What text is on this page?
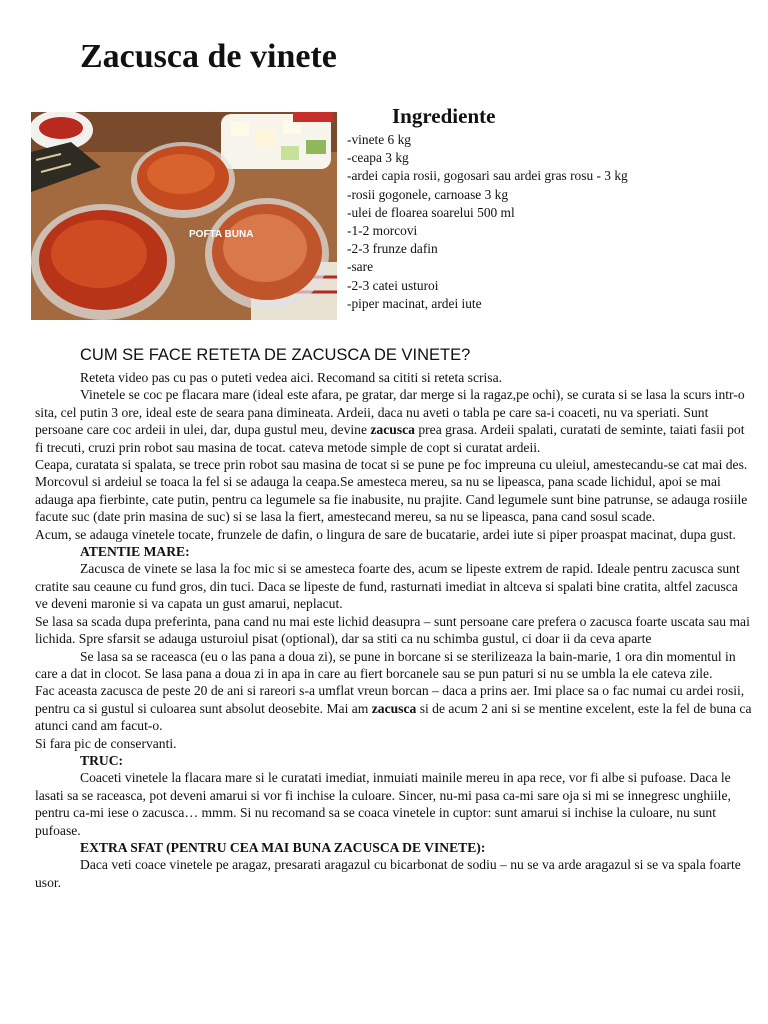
Zacusca de vinete
POFTA BUNA
Ingrediente
-vinete 6 kg
-ceapa 3 kg
-ardei capia rosii, gogosari sau ardei gras rosu - 3 kg
-rosii gogonele, carnoase 3 kg
-ulei de floarea soarelui 500 ml
-1-2 morcovi
-2-3 frunze dafin
-sare
-2-3 catei usturoi
-piper macinat, ardei iute
CUM SE FACE RETETA DE ZACUSCA DE VINETE?

Reteta video pas cu pas o puteti vedea aici. Recomand sa cititi si reteta scrisa.

Vinetele se coc pe flacara mare (ideal este afara, pe gratar, dar merge si la ragaz,pe ochi), se curata si se lasa la scurs intr-o sita, cel putin 3 ore, ideal este de seara pana dimineata. Ardeii, daca nu aveti o tabla pe care sa-i coaceti, nu va speriati. Sunt persoane care coc ardeii in ulei, dar, dupa gustul meu, devine zacusca prea grasa. Ardeii spalati, curatati de seminte, taiati fasii pot fi trecuti, cruzi prin robot sau masina de tocat. cateva metode simple de copt si curatat ardeii.

Ceapa, curatata si spalata, se trece prin robot sau masina de tocat si se pune pe foc impreuna cu uleiul, amestecandu-se cat mai des. Morcovul si ardeiul se toaca la fel si se adauga la ceapa.Se amesteca mereu, sa nu se lipeasca, pana scade lichidul, apoi se mai adauga apa fierbinte, cate putin, pentru ca legumele sa fie inabusite, nu prajite. Cand legumele sunt bine patrunse, se adauga rosiile facute suc (date prin masina de suc) si se lasa la fiert, amestecand mereu, sa nu se lipeasca, pana cand sosul scade.

Acum, se adauga vinetele tocate, frunzele de dafin, o lingura de sare de bucatarie, ardei iute si piper proaspat macinat, dupa gust.

ATENTIE MARE:

Zacusca de vinete se lasa la foc mic si se amesteca foarte des, acum se lipeste extrem de rapid. Ideale pentru zacusca sunt cratite sau ceaune cu fund gros, din tuci. Daca se lipeste de fund, rasturnati imediat in altceva si spalati bine cratita, altfel zacusca ve deveni maronie si va capata un gust amarui, neplacut.

Se lasa sa scada dupa preferinta, pana cand nu mai este lichid deasupra – sunt persoane care prefera o zacusca foarte uscata sau mai lichida. Spre sfarsit se adauga usturoiul pisat (optional), dar sa stiti ca nu schimba gustul, ci doar ii da ceva aparte

Se lasa sa se raceasca (eu o las pana a doua zi), se pune in borcane si se sterilizeaza la bain-marie, 1 ora din momentul in care a dat in clocot. Se lasa pana a doua zi in apa in care au fiert borcanele sau se pun paturi si nu se umbla la ele cateva zile.

Fac aceasta zacusca de peste 20 de ani si rareori s-a umflat vreun borcan – daca a prins aer. Imi place sa o fac numai cu ardei rosii, pentru ca si gustul si culoarea sunt absolut deosebite. Mai am zacusca si de acum 2 ani si se mentine excelent, este la fel de buna ca atunci cand am facut-o.

Si fara pic de conservanti.

TRUC:

Coaceti vinetele la flacara mare si le curatati imediat, inmuiati mainile mereu in apa rece, vor fi albe si pufoase. Daca le lasati sa se raceasca, pot deveni amarui si vor fi inchise la culoare. Sincer, nu-mi pasa ca-mi sare oja si mi se innegresc unghiile, pentru ca-mi iese o zacusca… mmm. Si nu recomand sa se coaca vinetele in cuptor: sunt amarui si inchise la culoare, nu sunt pufoase.

EXTRA SFAT (PENTRU CEA MAI BUNA ZACUSCA DE VINETE):

Daca veti coace vinetele pe aragaz, presarati aragazul cu bicarbonat de sodiu – nu se va arde aragazul si se va spala foarte usor.
